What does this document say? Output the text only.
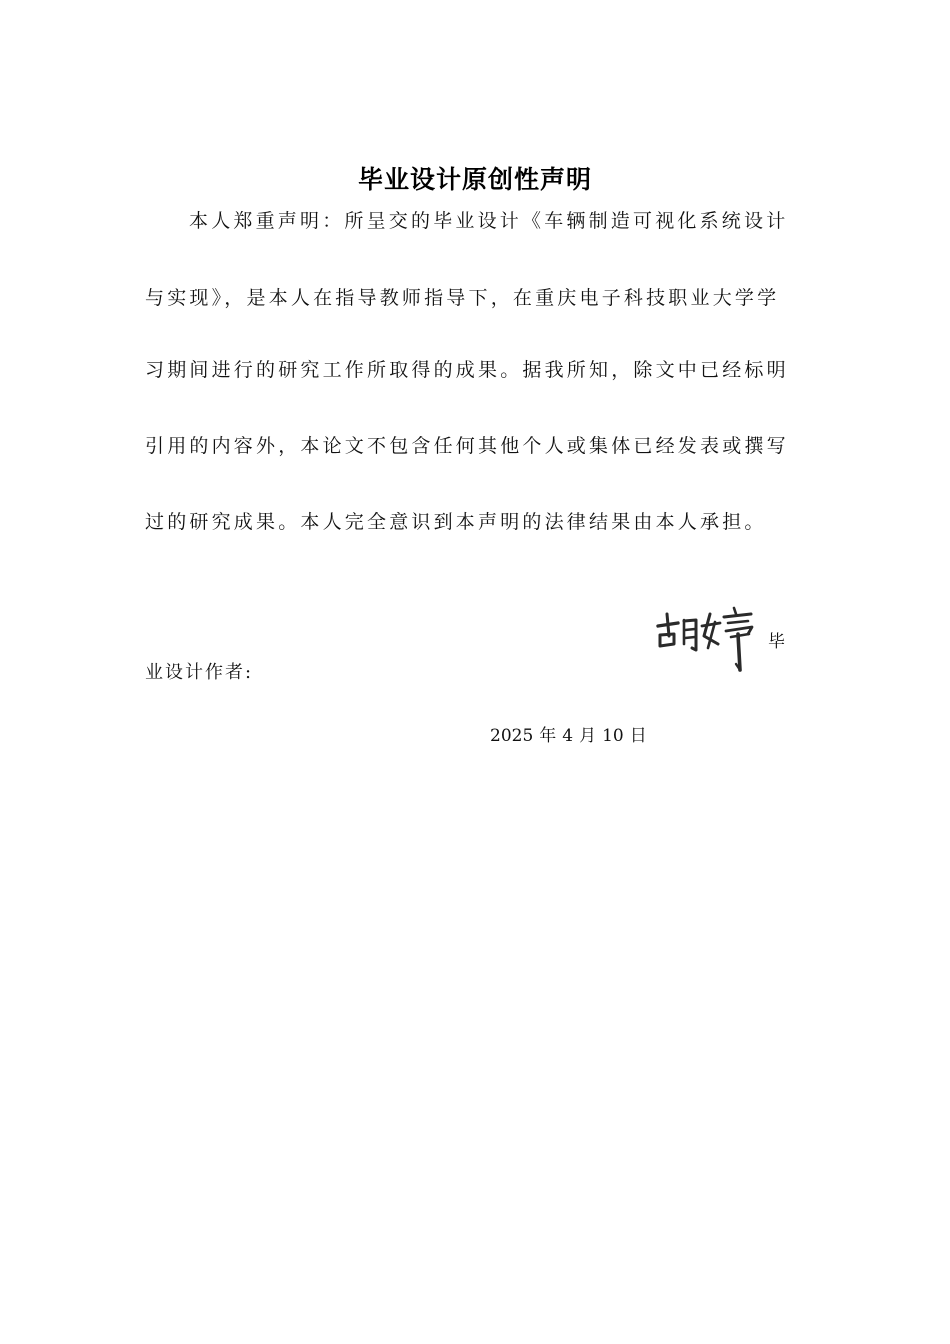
毕业设计原创性声明
本人郑重声明：所呈交的毕业设计《车辆制造可视化系统设计
与实现》，是本人在指导教师指导下，在重庆电子科技职业大学学
习期间进行的研究工作所取得的成果。据我所知，除文中已经标明
引用的内容外，本论文不包含任何其他个人或集体已经发表或撰写
过的研究成果。本人完全意识到本声明的法律结果由本人承担。
毕
业设计作者:
2025 年 4 月 10 日
